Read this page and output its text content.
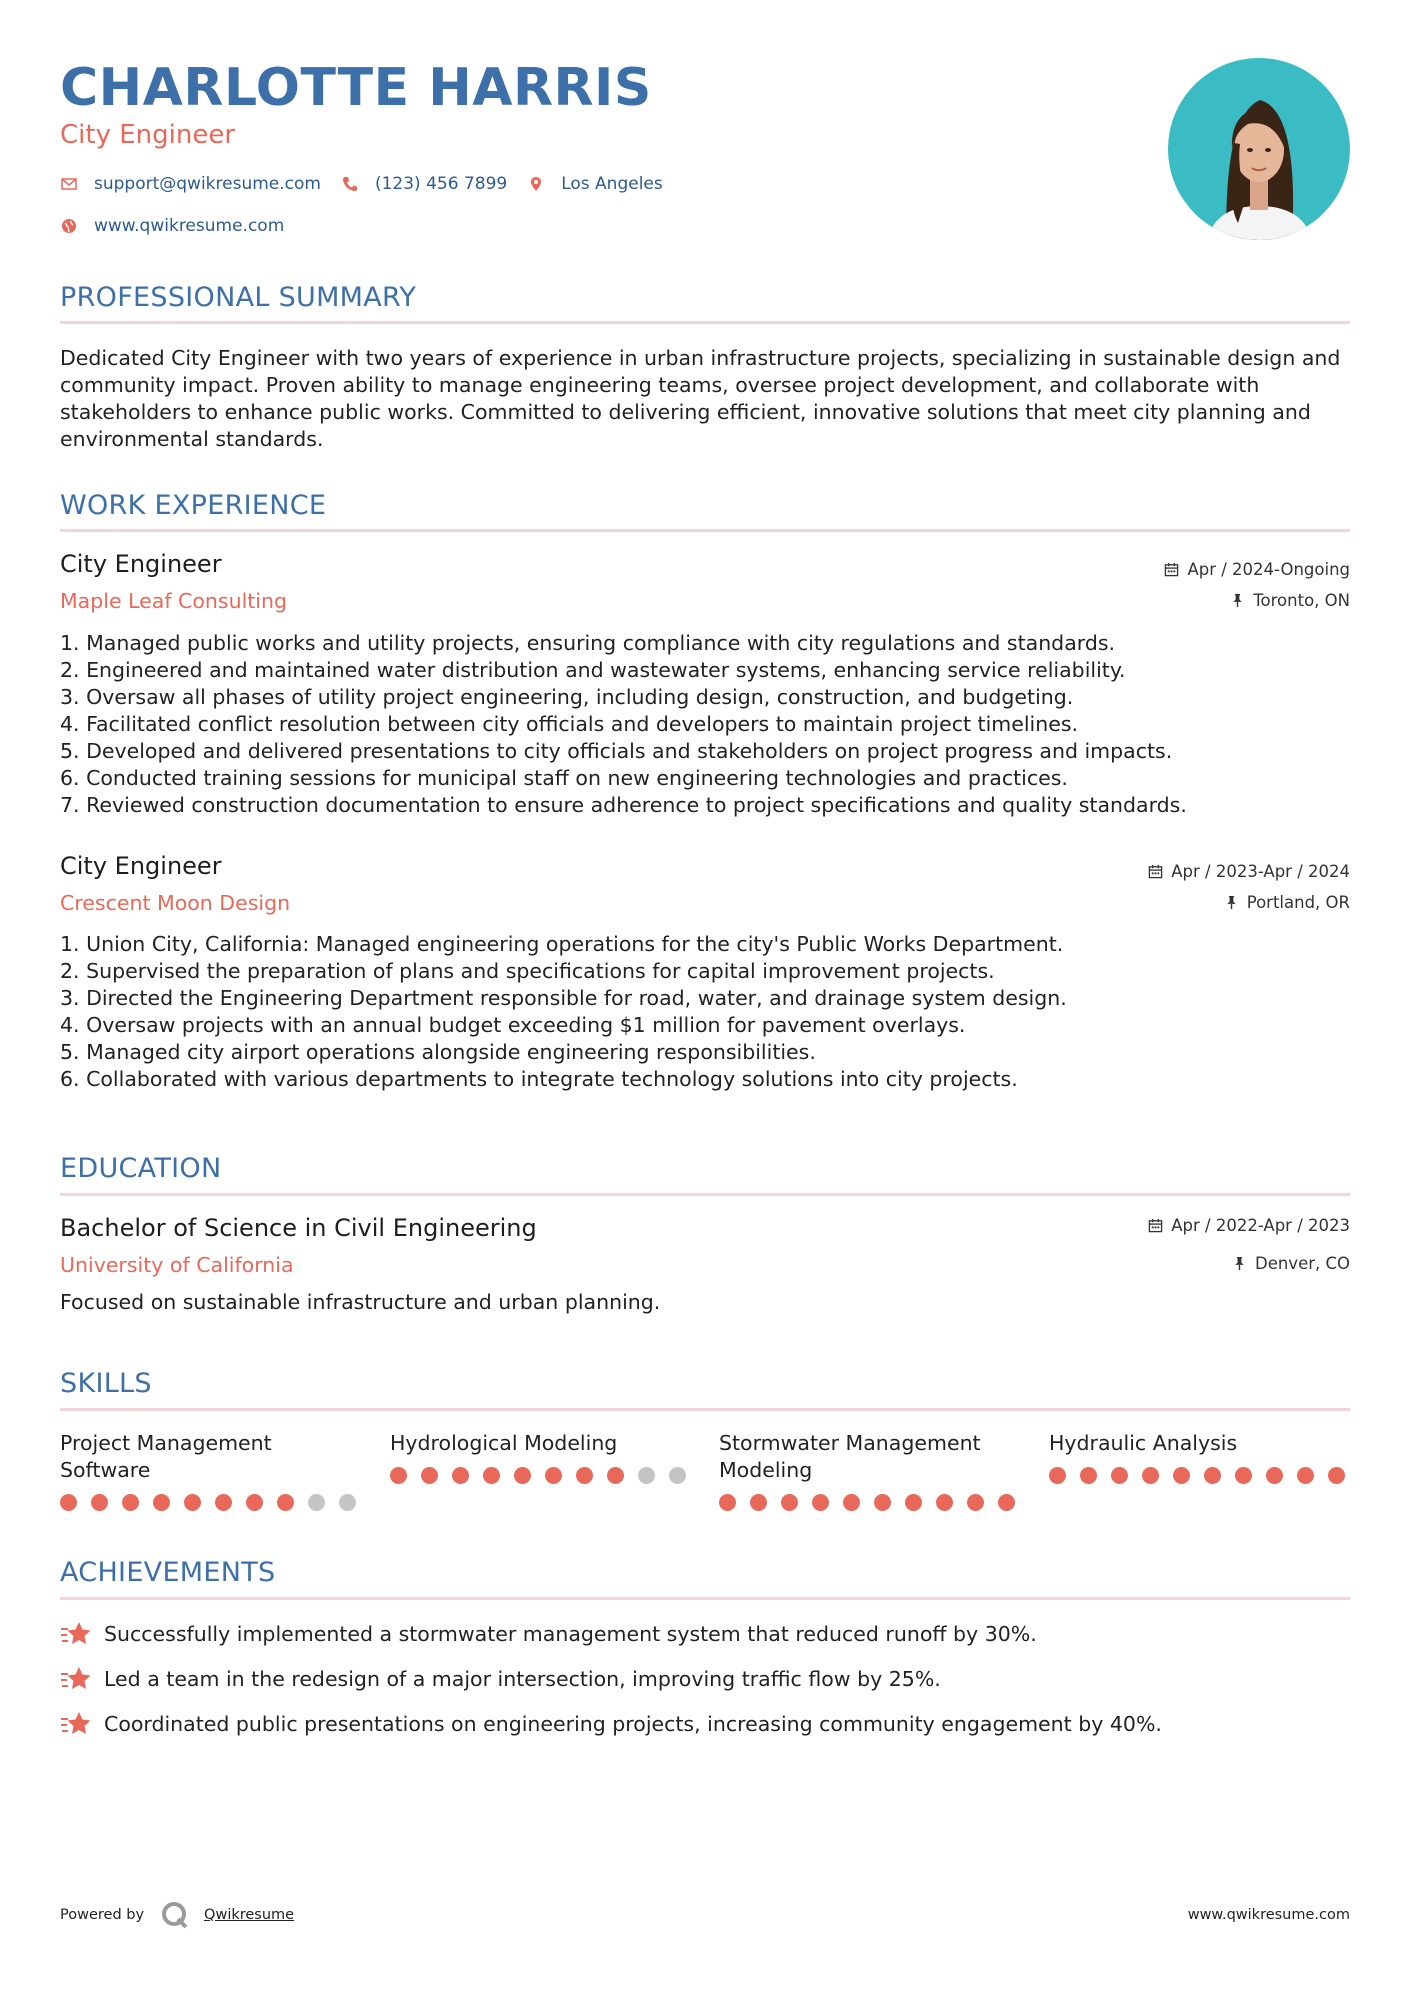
CHARLOTTE HARRIS
City Engineer
support@qwikresume.com	(123) 456 7899	Los Angeles
www.qwikresume.com
PROFESSIONAL SUMMARY
Dedicated City Engineer with two years of experience in urban infrastructure projects, specializing in sustainable design and community impact. Proven ability to manage engineering teams, oversee project development, and collaborate with stakeholders to enhance public works. Committed to delivering efficient, innovative solutions that meet city planning and environmental standards.
WORK EXPERIENCE
City Engineer
Maple Leaf Consulting
Apr / 2024-Ongoing
Toronto, ON
1. Managed public works and utility projects, ensuring compliance with city regulations and standards.
2. Engineered and maintained water distribution and wastewater systems, enhancing service reliability.
3. Oversaw all phases of utility project engineering, including design, construction, and budgeting.
4. Facilitated conflict resolution between city officials and developers to maintain project timelines.
5. Developed and delivered presentations to city officials and stakeholders on project progress and impacts.
6. Conducted training sessions for municipal staff on new engineering technologies and practices.
7. Reviewed construction documentation to ensure adherence to project specifications and quality standards.
City Engineer
Crescent Moon Design
Apr / 2023-Apr / 2024
Portland, OR
1. Union City, California: Managed engineering operations for the city's Public Works Department.
2. Supervised the preparation of plans and specifications for capital improvement projects.
3. Directed the Engineering Department responsible for road, water, and drainage system design.
4. Oversaw projects with an annual budget exceeding $1 million for pavement overlays.
5. Managed city airport operations alongside engineering responsibilities.
6. Collaborated with various departments to integrate technology solutions into city projects.
EDUCATION
Bachelor of Science in Civil Engineering
University of California
Apr / 2022-Apr / 2023
Denver, CO
Focused on sustainable infrastructure and urban planning.
SKILLS
Project Management Software
Hydrological Modeling	Stormwater Management Modeling
Hydraulic Analysis
ACHIEVEMENTS
Successfully implemented a stormwater management system that reduced runoff by 30%.
Led a team in the redesign of a major intersection, improving traffic flow by 25%.
Coordinated public presentations on engineering projects, increasing community engagement by 40%.
Powered by	Qwikresume	www.qwikresume.com
